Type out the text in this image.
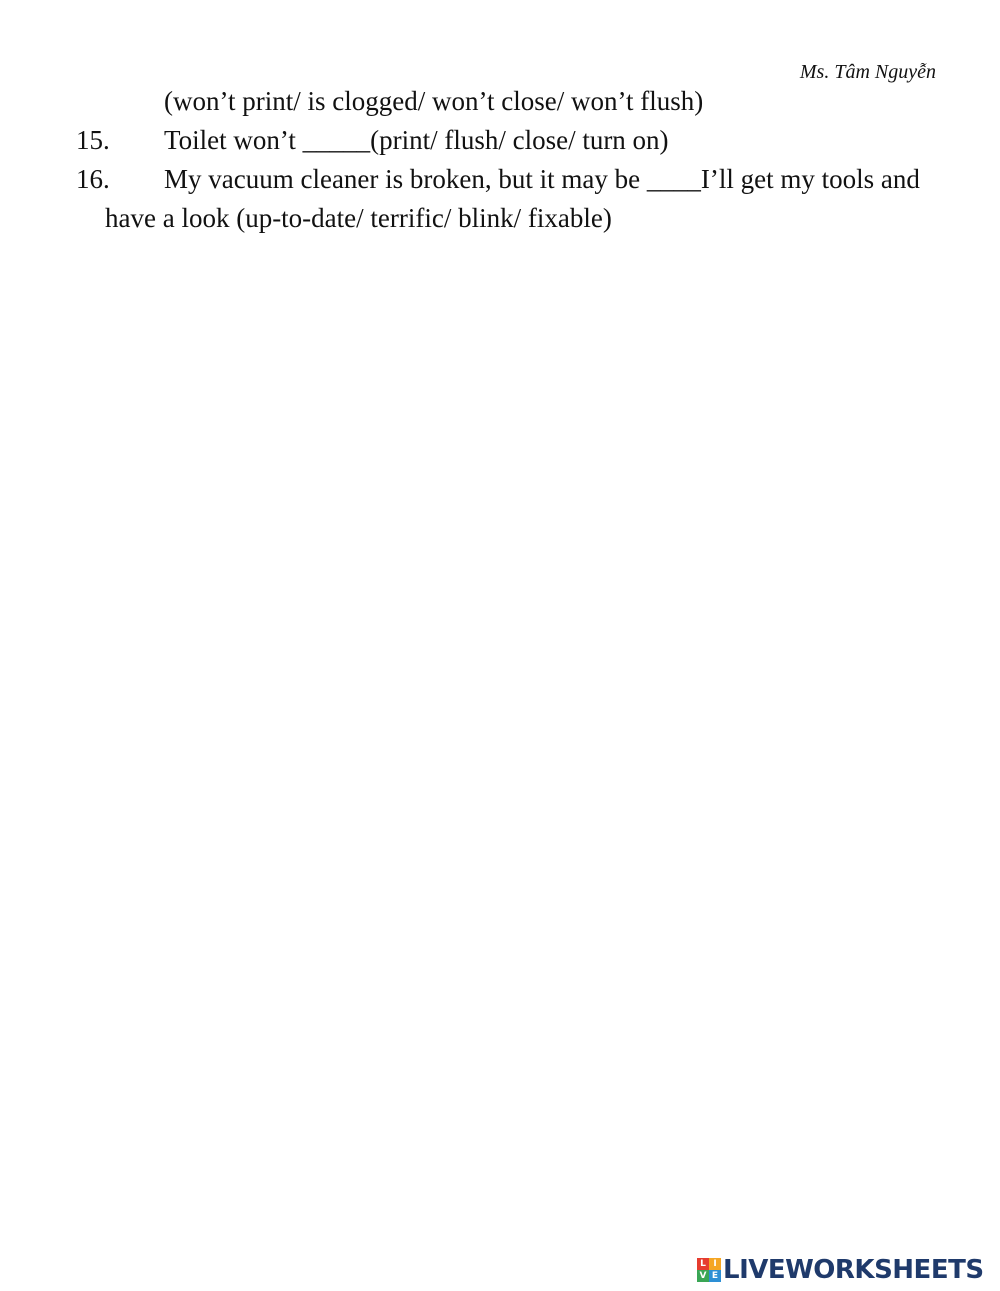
Ms. Tâm Nguyễn
(won’t print/ is clogged/ won’t close/ won’t flush)
15. Toilet won’t _____(print/ flush/ close/ turn on)
16. My vacuum cleaner is broken, but it may be ____I’ll get my tools and
have a look (up-to-date/ terrific/ blink/ fixable)
L I
V E LIVEWORKSHEETS
